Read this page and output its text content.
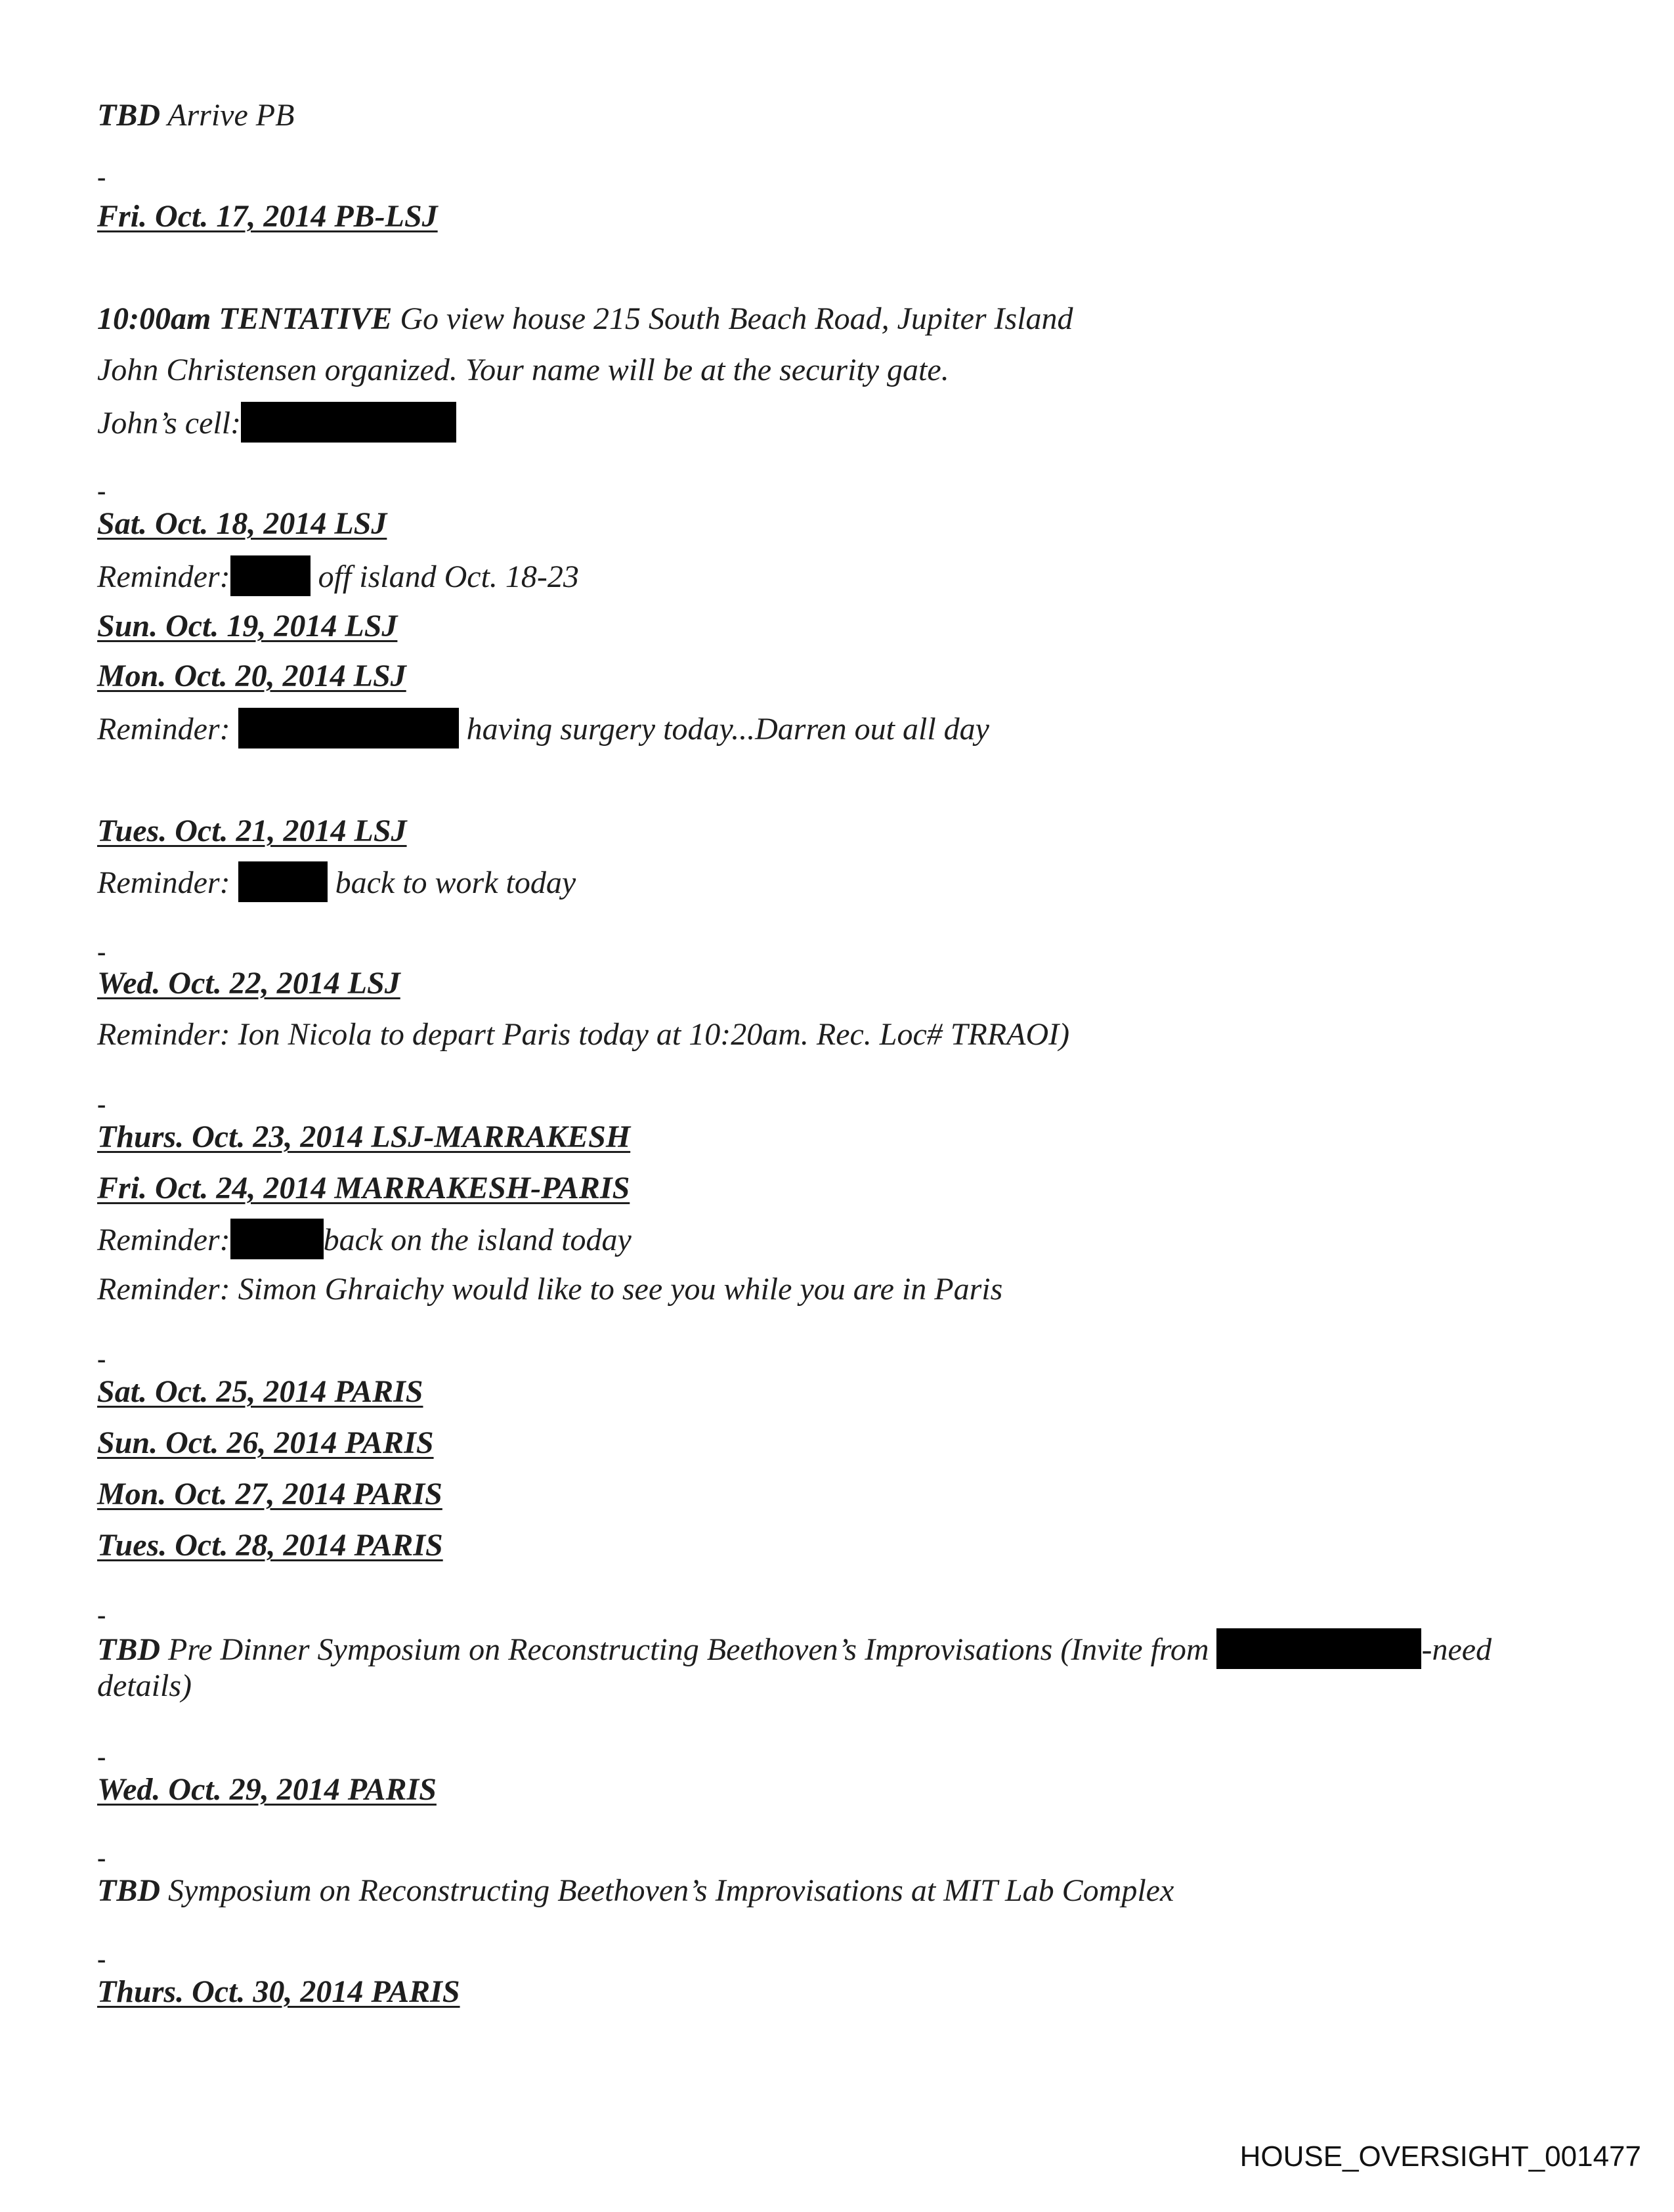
TBD Arrive PB
-
Fri. Oct. 17, 2014 PB-LSJ
10:00am TENTATIVE Go view house 215 South Beach Road, Jupiter Island
John Christensen organized. Your name will be at the security gate.
John’s cell:
-
Sat. Oct. 18, 2014 LSJ
Reminder:	off island Oct. 18-23
Sun. Oct. 19, 2014 LSJ
Mon. Oct. 20, 2014 LSJ
Reminder:	having surgery today...Darren out all day
Tues. Oct. 21, 2014 LSJ
Reminder:	back to work today
-
Wed. Oct. 22, 2014 LSJ
Reminder: Ion Nicola to depart Paris today at 10:20am. Rec. Loc# TRRAOI)
-
Thurs. Oct. 23, 2014 LSJ-MARRAKESH
Fri. Oct. 24, 2014 MARRAKESH-PARIS
Reminder:	back on the island today
Reminder: Simon Ghraichy would like to see you while you are in Paris
-
Sat. Oct. 25, 2014 PARIS
Sun. Oct. 26, 2014 PARIS
Mon. Oct. 27, 2014 PARIS
Tues. Oct. 28, 2014 PARIS
-
TBD Pre Dinner Symposium on Reconstructing Beethoven’s Improvisations (Invite from	-need
details)
-
Wed. Oct. 29, 2014 PARIS
-
TBD Symposium on Reconstructing Beethoven’s Improvisations at MIT Lab Complex
-
Thurs. Oct. 30, 2014 PARIS
HOUSE_OVERSIGHT_001477
